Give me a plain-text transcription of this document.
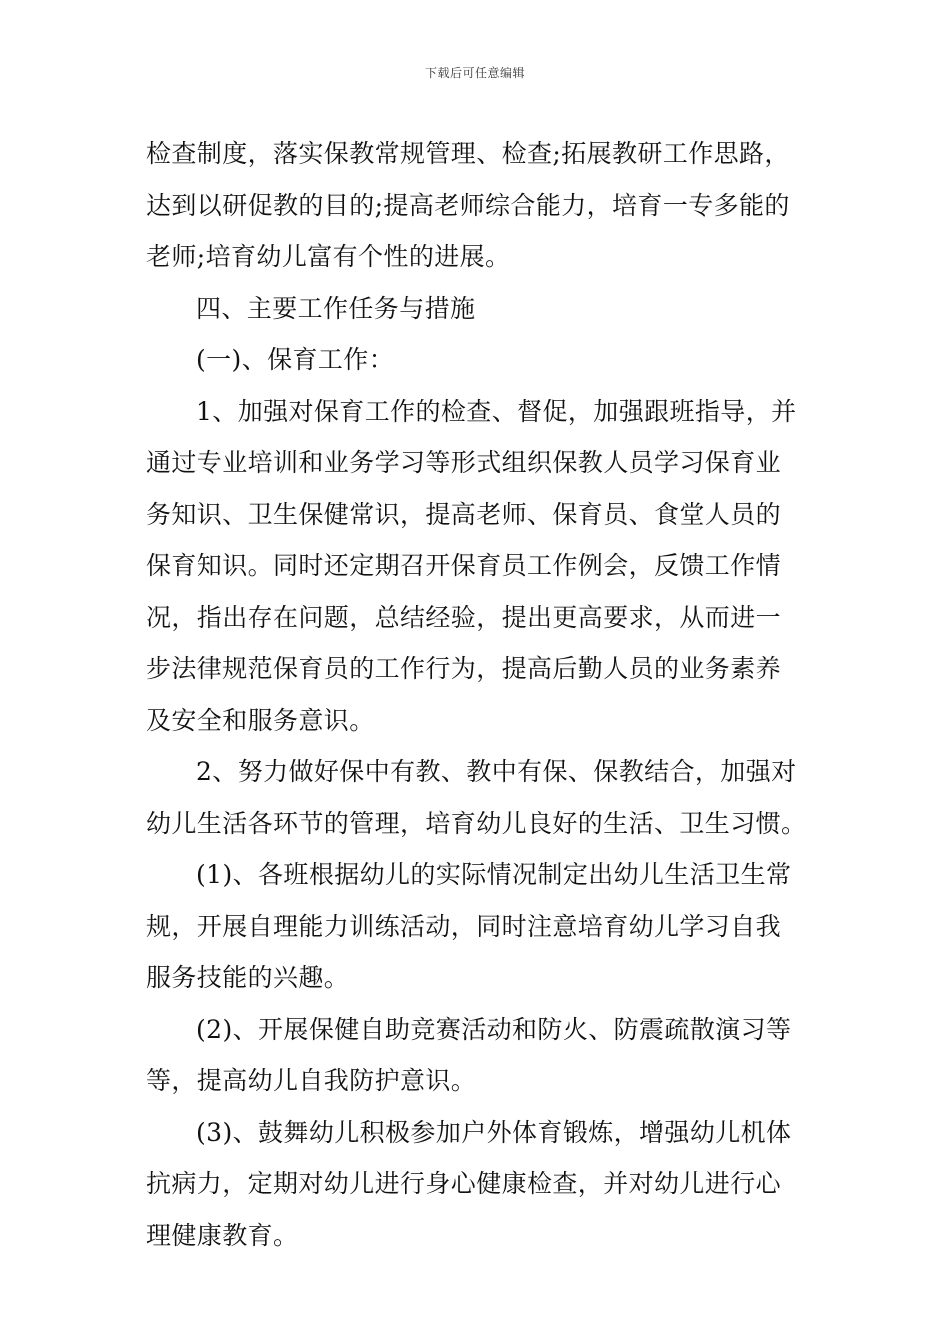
下载后可任意编辑
检查制度，落实保教常规管理、检查;拓展教研工作思路，
达到以研促教的目的;提高老师综合能力，培育一专多能的
老师;培育幼儿富有个性的进展。
四、主要工作任务与措施
(一)、保育工作：
1、加强对保育工作的检查、督促，加强跟班指导，并
通过专业培训和业务学习等形式组织保教人员学习保育业
务知识、卫生保健常识，提高老师、保育员、食堂人员的
保育知识。同时还定期召开保育员工作例会，反馈工作情
况，指出存在问题，总结经验，提出更高要求，从而进一
步法律规范保育员的工作行为，提高后勤人员的业务素养
及安全和服务意识。
2、努力做好保中有教、教中有保、保教结合，加强对
幼儿生活各环节的管理，培育幼儿良好的生活、卫生习惯。
(1)、各班根据幼儿的实际情况制定出幼儿生活卫生常
规，开展自理能力训练活动，同时注意培育幼儿学习自我
服务技能的兴趣。
(2)、开展保健自助竞赛活动和防火、防震疏散演习等
等，提高幼儿自我防护意识。
(3)、鼓舞幼儿积极参加户外体育锻炼，增强幼儿机体
抗病力，定期对幼儿进行身心健康检查，并对幼儿进行心
理健康教育。
